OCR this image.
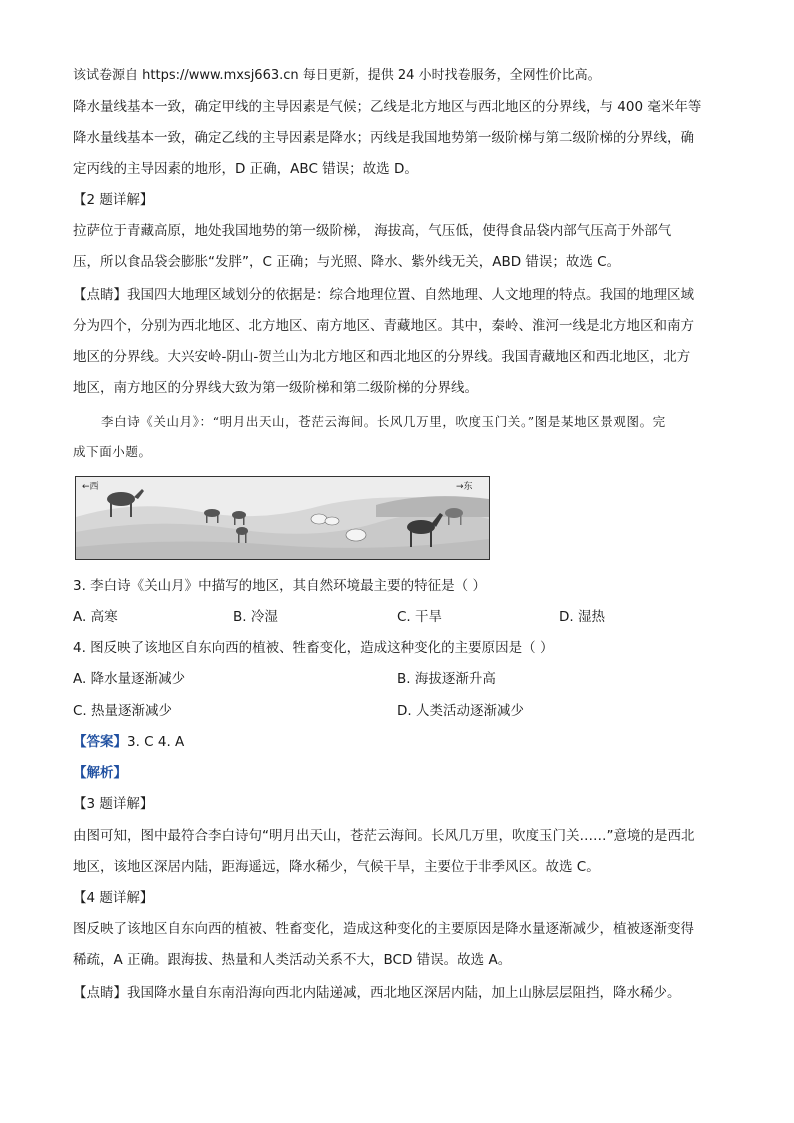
该试卷源自 https://www.mxsj663.cn 每日更新，提供 24 小时找卷服务，全网性价比高。
降水量线基本一致，确定甲线的主导因素是气候；乙线是北方地区与西北地区的分界线，与 400 毫米年等
降水量线基本一致，确定乙线的主导因素是降水；丙线是我国地势第一级阶梯与第二级阶梯的分界线，确
定丙线的主导因素的地形，D 正确，ABC 错误；故选 D。
【2 题详解】
拉萨位于青藏高原，地处我国地势的第一级阶梯， 海拔高，气压低，使得食品袋内部气压高于外部气
压，所以食品袋会膨胀“发胖”，C 正确；与光照、降水、紫外线无关，ABD 错误；故选 C。
【点睛】我国四大地理区域划分的依据是：综合地理位置、自然地理、人文地理的特点。我国的地理区域
分为四个，分别为西北地区、北方地区、南方地区、青藏地区。其中，秦岭、淮河一线是北方地区和南方
地区的分界线。大兴安岭-阴山-贺兰山为北方地区和西北地区的分界线。我国青藏地区和西北地区，北方
地区，南方地区的分界线大致为第一级阶梯和第二级阶梯的分界线。
李白诗《关山月》：“明月出天山，苍茫云海间。长风几万里，吹度玉门关。”图是某地区景观图。完
成下面小题。
←西	→东
3. 李白诗《关山月》中描写的地区，其自然环境最主要的特征是（ ）
A. 高寒	B. 冷湿	C. 干旱	D. 湿热
4. 图反映了该地区自东向西的植被、牲畜变化，造成这种变化的主要原因是（ ）
A. 降水量逐渐减少	B. 海拔逐渐升高
C. 热量逐渐减少	D. 人类活动逐渐减少
【答案】3. C 4. A
【解析】
【3 题详解】
由图可知，图中最符合李白诗句“明月出天山，苍茫云海间。长风几万里，吹度玉门关……”意境的是西北
地区，该地区深居内陆，距海遥远，降水稀少，气候干旱，主要位于非季风区。故选 C。
【4 题详解】
图反映了该地区自东向西的植被、牲畜变化，造成这种变化的主要原因是降水量逐渐减少，植被逐渐变得
稀疏，A 正确。跟海拔、热量和人类活动关系不大，BCD 错误。故选 A。
【点睛】我国降水量自东南沿海向西北内陆递减，西北地区深居内陆，加上山脉层层阻挡，降水稀少。
